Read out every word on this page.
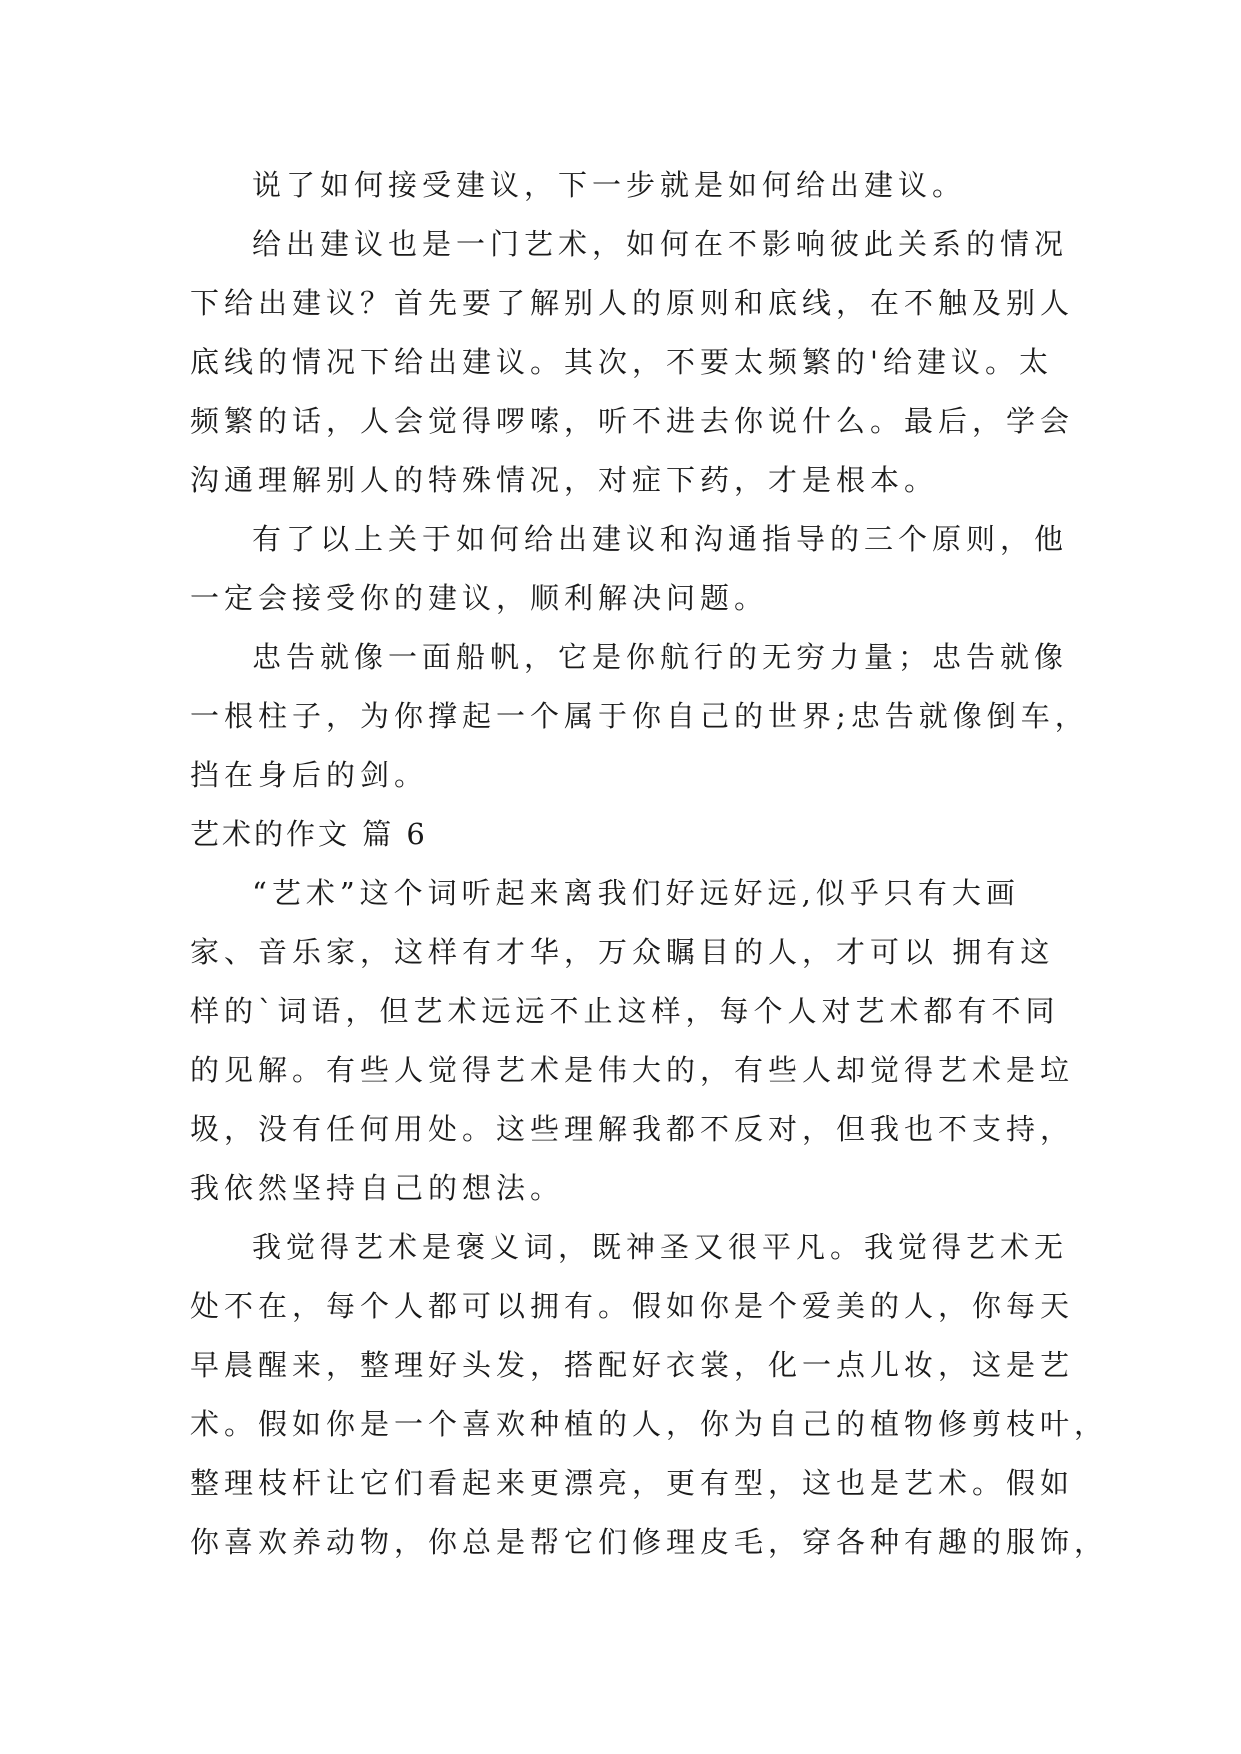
说了如何接受建议，下一步就是如何给出建议。
给出建议也是一门艺术，如何在不影响彼此关系的情况
下给出建议？首先要了解别人的原则和底线，在不触及别人
底线的情况下给出建议。其次，不要太频繁的'给建议。太
频繁的话，人会觉得啰嗦，听不进去你说什么。最后，学会
沟通理解别人的特殊情况，对症下药，才是根本。
有了以上关于如何给出建议和沟通指导的三个原则，他
一定会接受你的建议，顺利解决问题。
忠告就像一面船帆，它是你航行的无穷力量；忠告就像
一根柱子，为你撑起一个属于你自己的世界;忠告就像倒车，
挡在身后的剑。
艺术的作文 篇 6
“艺术”这个词听起来离我们好远好远,似乎只有大画
家、音乐家，这样有才华，万众瞩目的人，才可以 拥有这
样的`词语，但艺术远远不止这样，每个人对艺术都有不同
的见解。有些人觉得艺术是伟大的，有些人却觉得艺术是垃
圾，没有任何用处。这些理解我都不反对，但我也不支持，
我依然坚持自己的想法。
我觉得艺术是褒义词，既神圣又很平凡。我觉得艺术无
处不在，每个人都可以拥有。假如你是个爱美的人，你每天
早晨醒来，整理好头发，搭配好衣裳，化一点儿妆，这是艺
术。假如你是一个喜欢种植的人，你为自己的植物修剪枝叶，
整理枝杆让它们看起来更漂亮，更有型，这也是艺术。假如
你喜欢养动物，你总是帮它们修理皮毛，穿各种有趣的服饰，
